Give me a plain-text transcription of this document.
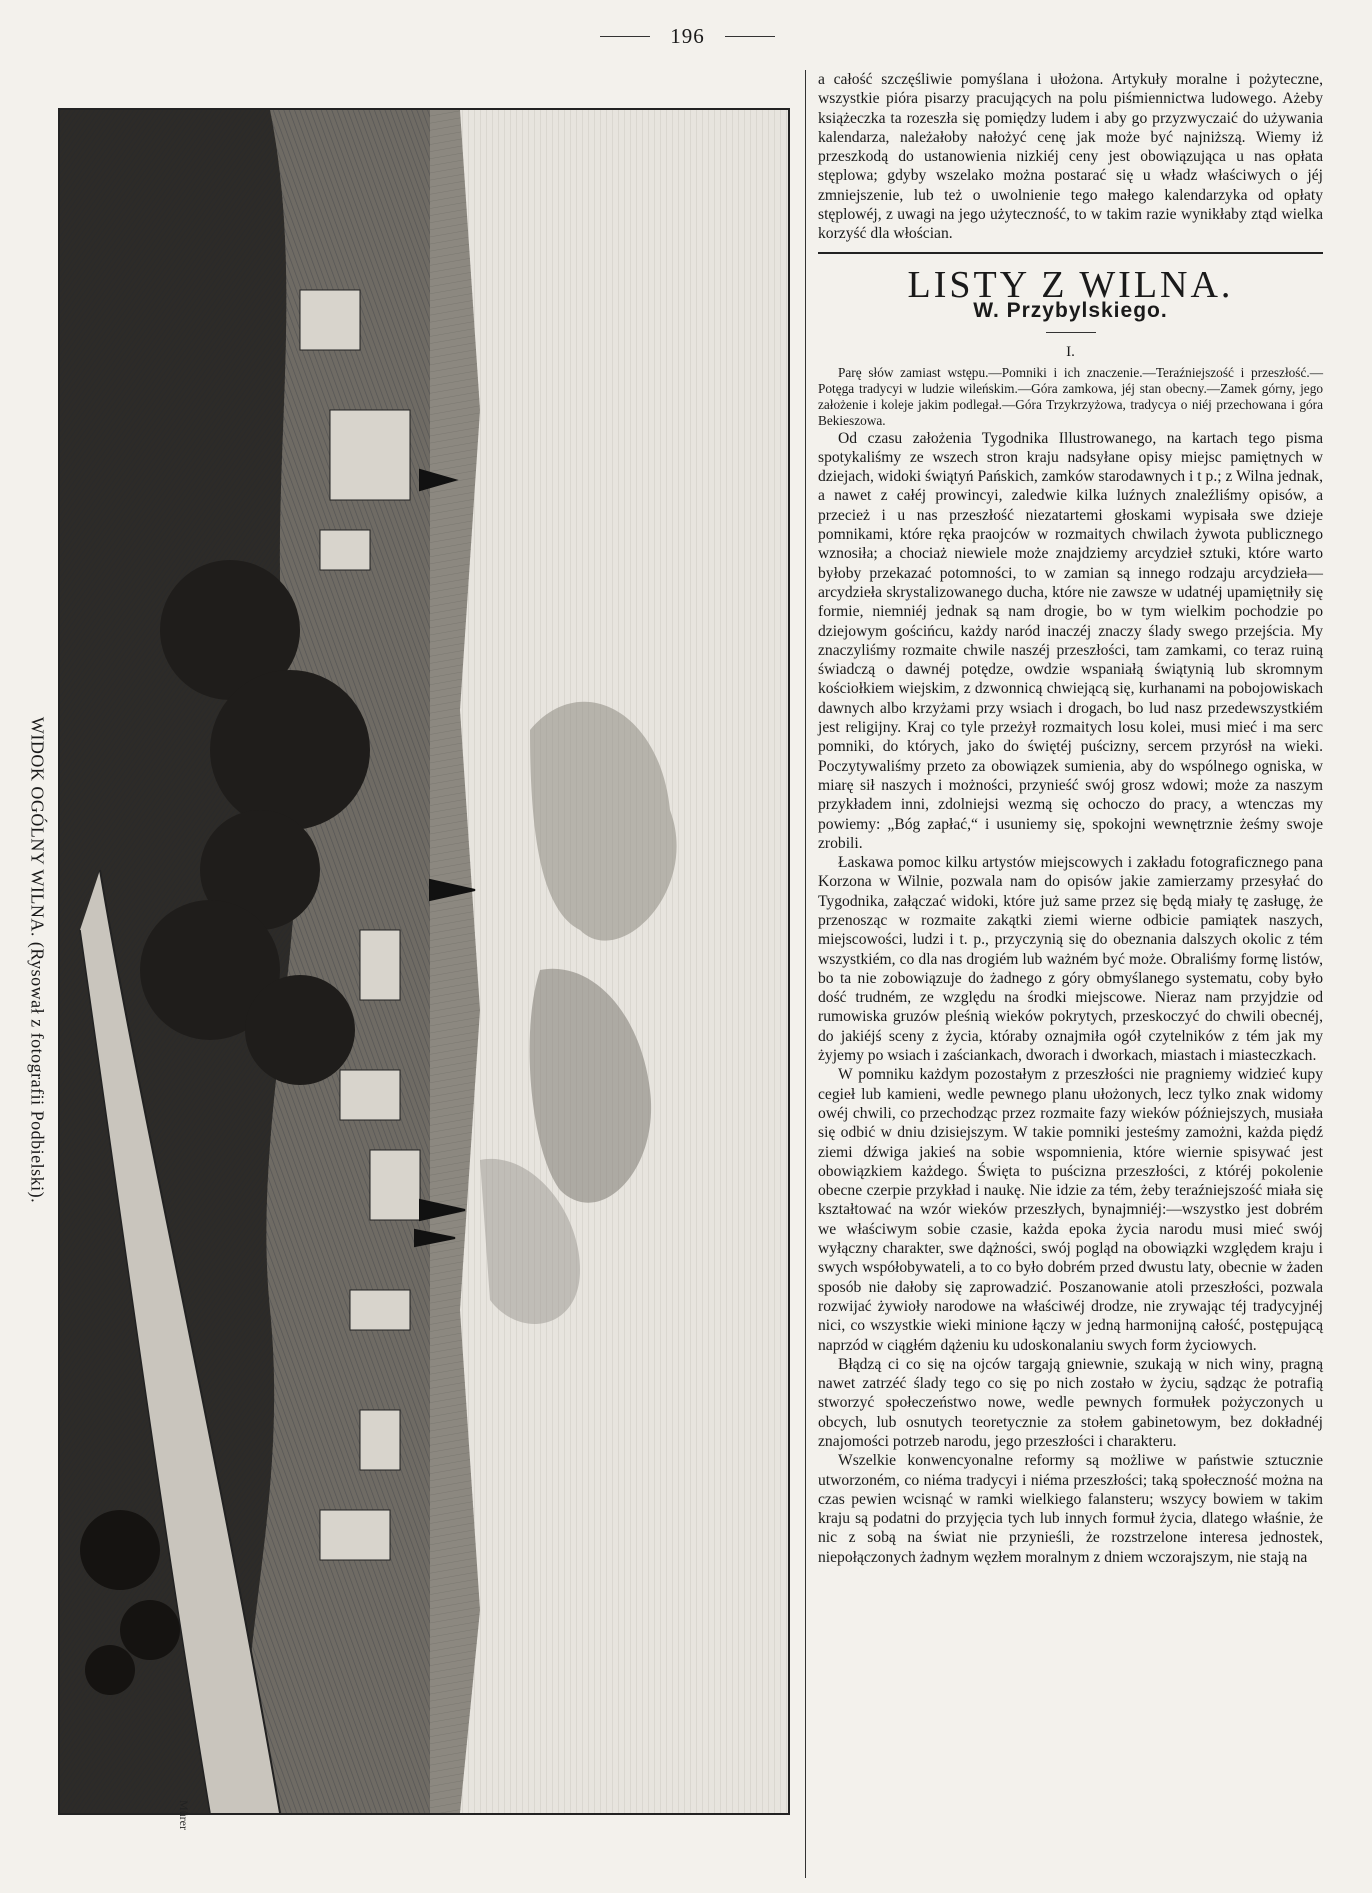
196
WIDOK OGÓLNY WILNA. (Rysował z fotografii Podbielski).
Mürer

a całość szczęśliwie pomyślana i ułożona. Artykuły moralne i pożyteczne, wszystkie pióra pisarzy pracujących na polu piśmiennictwa ludowego. Ażeby książeczka ta rozeszła się pomiędzy ludem i aby go przyzwyczaić do używania kalendarza, należałoby nałożyć cenę jak może być najniższą. Wiemy iż przeszkodą do ustanowienia nizkiéj ceny jest obowiązująca u nas opłata stęplowa; gdyby wszelako można postarać się u władz właściwych o jéj zmniejszenie, lub też o uwolnienie tego małego kalendarzyka od opłaty stęplowéj, z uwagi na jego użyteczność, to w takim razie wynikłaby ztąd wielka korzyść dla włościan.

LISTY Z WILNA.
W. Przybylskiego.
I.

Parę słów zamiast wstępu.—Pomniki i ich znaczenie.—Teraźniejszość i przeszłość.—Potęga tradycyi w ludzie wileńskim.—Góra zamkowa, jéj stan obecny.—Zamek górny, jego założenie i koleje jakim podlegał.—Góra Trzykrzyżowa, tradycya o niéj przechowana i góra Bekieszowa.

Od czasu założenia Tygodnika Illustrowanego, na kartach tego pisma spotykaliśmy ze wszech stron kraju nadsyłane opisy miejsc pamiętnych w dziejach, widoki świątyń Pańskich, zamków starodawnych i t p.; z Wilna jednak, a nawet z całéj prowincyi, zaledwie kilka luźnych znaleźliśmy opisów, a przecież i u nas przeszłość niezatartemi głoskami wypisała swe dzieje pomnikami, które ręka praojców w rozmaitych chwilach żywota publicznego wznosiła; a chociaż niewiele może znajdziemy arcydzieł sztuki, które warto byłoby przekazać potomności, to w zamian są innego rodzaju arcydzieła—arcydzieła skrystalizowanego ducha, które nie zawsze w udatnéj upamiętniły się formie, niemniéj jednak są nam drogie, bo w tym wielkim pochodzie po dziejowym gościńcu, każdy naród inaczéj znaczy ślady swego przejścia. My znaczyliśmy rozmaite chwile naszéj przeszłości, tam zamkami, co teraz ruiną świadczą o dawnéj potędze, owdzie wspaniałą świątynią lub skromnym kościołkiem wiejskim, z dzwonnicą chwiejącą się, kurhanami na pobojowiskach dawnych albo krzyżami przy wsiach i drogach, bo lud nasz przedewszystkiém jest religijny. Kraj co tyle przeżył rozmaitych losu kolei, musi mieć i ma serc pomniki, do których, jako do świętéj puścizny, sercem przyrósł na wieki. Poczytywaliśmy przeto za obowiązek sumienia, aby do wspólnego ogniska, w miarę sił naszych i możności, przynieść swój grosz wdowi; może za naszym przykładem inni, zdolniejsi wezmą się ochoczo do pracy, a wtenczas my powiemy: „Bóg zapłać,“ i usuniemy się, spokojni wewnętrznie żeśmy swoje zrobili.

Łaskawa pomoc kilku artystów miejscowych i zakładu fotograficznego pana Korzona w Wilnie, pozwala nam do opisów jakie zamierzamy przesyłać do Tygodnika, załączać widoki, które już same przez się będą miały tę zasługę, że przenosząc w rozmaite zakątki ziemi wierne odbicie pamiątek naszych, miejscowości, ludzi i t. p., przyczynią się do obeznania dalszych okolic z tém wszystkiém, co dla nas drogiém lub ważném być może. Obraliśmy formę listów, bo ta nie zobowiązuje do żadnego z góry obmyślanego systematu, coby było dość trudném, ze względu na środki miejscowe. Nieraz nam przyjdzie od rumowiska gruzów pleśnią wieków pokrytych, przeskoczyć do chwili obecnéj, do jakiéjś sceny z życia, któraby oznajmiła ogół czytelników z tém jak my żyjemy po wsiach i zaściankach, dworach i dworkach, miastach i miasteczkach.

W pomniku każdym pozostałym z przeszłości nie pragniemy widzieć kupy cegieł lub kamieni, wedle pewnego planu ułożonych, lecz tylko znak widomy owéj chwili, co przechodząc przez rozmaite fazy wieków późniejszych, musiała się odbić w dniu dzisiejszym. W takie pomniki jesteśmy zamożni, każda piędź ziemi dźwiga jakieś na sobie wspomnienia, które wiernie spisywać jest obowiązkiem każdego. Święta to puścizna przeszłości, z któréj pokolenie obecne czerpie przykład i naukę. Nie idzie za tém, żeby teraźniejszość miała się kształtować na wzór wieków przeszłych, bynajmniéj:—wszystko jest dobrém we właściwym sobie czasie, każda epoka życia narodu musi mieć swój wyłączny charakter, swe dążności, swój pogląd na obowiązki względem kraju i swych współobywateli, a to co było dobrém przed dwustu laty, obecnie w żaden sposób nie dałoby się zaprowadzić. Poszanowanie atoli przeszłości, pozwala rozwijać żywioły narodowe na właściwéj drodze, nie zrywając téj tradycyjnéj nici, co wszystkie wieki minione łączy w jedną harmonijną całość, postępującą naprzód w ciągłém dążeniu ku udoskonalaniu swych form życiowych.

Błądzą ci co się na ojców targają gniewnie, szukają w nich winy, pragną nawet zatrzéć ślady tego co się po nich zostało w życiu, sądząc że potrafią stworzyć społeczeństwo nowe, wedle pewnych formułek pożyczonych u obcych, lub osnutych teoretycznie za stołem gabinetowym, bez dokładnéj znajomości potrzeb narodu, jego przeszłości i charakteru.

Wszelkie konwencyonalne reformy są możliwe w państwie sztucznie utworzoném, co niéma tradycyi i niéma przeszłości; taką społeczność można na czas pewien wcisnąć w ramki wielkiego falansteru; wszycy bowiem w takim kraju są podatni do przyjęcia tych lub innych formuł życia, dlatego właśnie, że nic z sobą na świat nie przynieśli, że rozstrzelone interesa jednostek, niepołączonych żadnym węzłem moralnym z dniem wczorajszym, nie stają na
